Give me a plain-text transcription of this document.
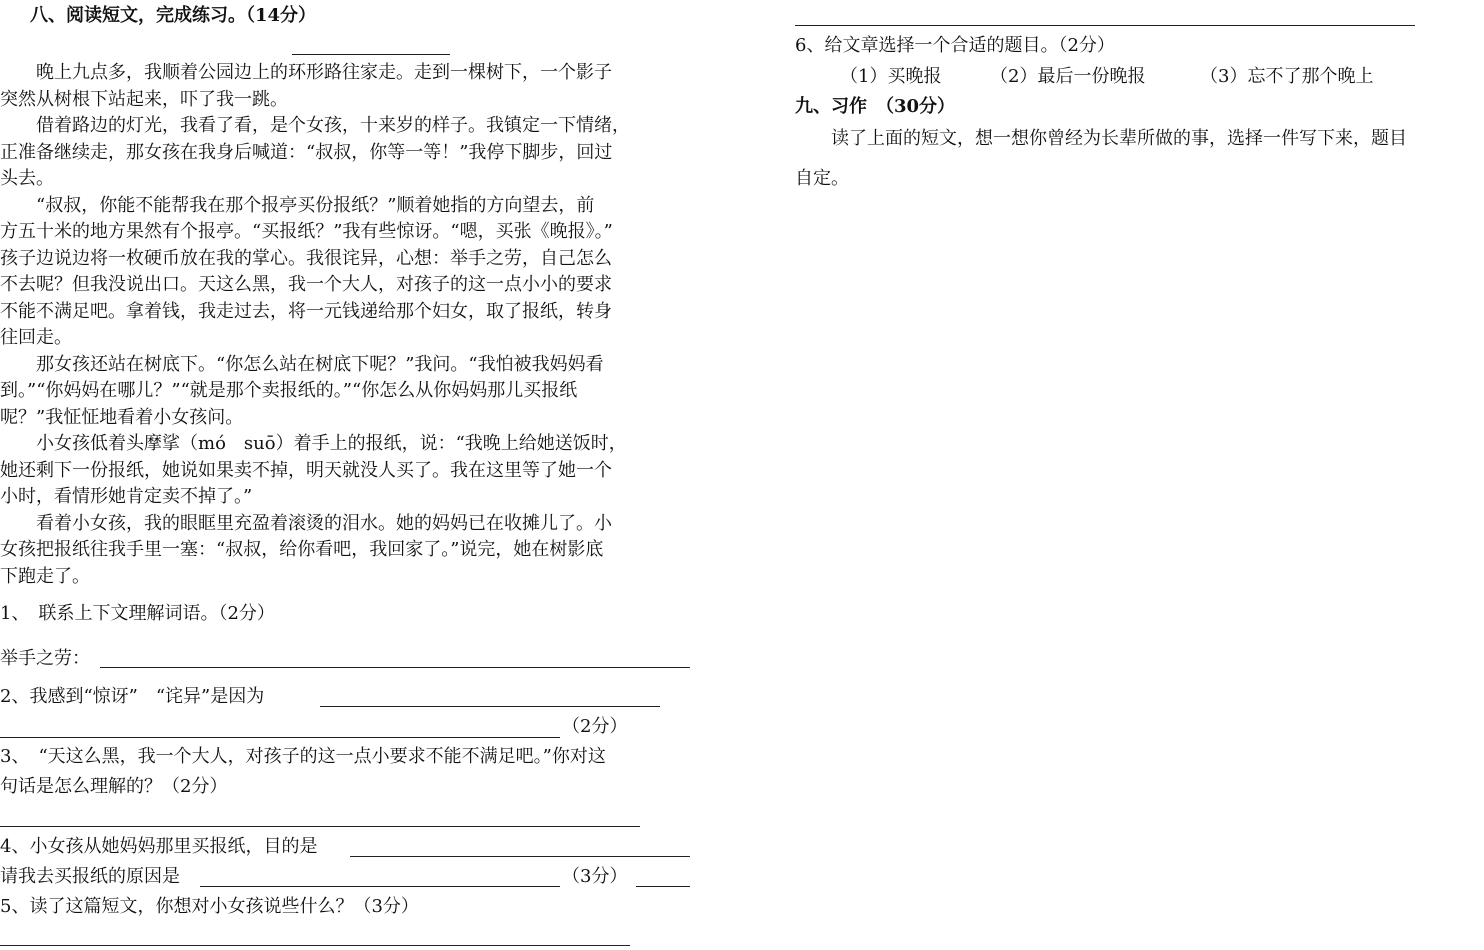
八、阅读短文，完成练习。（14分）
　　晚上九点多，我顺着公园边上的环形路往家走。走到一棵树下，一个影子
突然从树根下站起来，吓了我一跳。
　　借着路边的灯光，我看了看，是个女孩，十来岁的样子。我镇定一下情绪，
正准备继续走，那女孩在我身后喊道：“叔叔，你等一等！”我停下脚步，回过
头去。
　　“叔叔，你能不能帮我在那个报亭买份报纸？”顺着她指的方向望去，前
方五十米的地方果然有个报亭。“买报纸？”我有些惊讶。“嗯，买张《晚报》。”
孩子边说边将一枚硬币放在我的掌心。我很诧异，心想：举手之劳，自己怎么
不去呢？但我没说出口。天这么黑，我一个大人，对孩子的这一点小小的要求
不能不满足吧。拿着钱，我走过去，将一元钱递给那个妇女，取了报纸，转身
往回走。
　　那女孩还站在树底下。“你怎么站在树底下呢？”我问。“我怕被我妈妈看
到。”“你妈妈在哪儿？”“就是那个卖报纸的。”“你怎么从你妈妈那儿买报纸
呢？”我怔怔地看着小女孩问。
　　小女孩低着头摩挲（mó　suō）着手上的报纸，说：“我晚上给她送饭时，
她还剩下一份报纸，她说如果卖不掉，明天就没人买了。我在这里等了她一个
小时，看情形她肯定卖不掉了。”
　　看着小女孩，我的眼眶里充盈着滚烫的泪水。她的妈妈已在收摊儿了。小
女孩把报纸往我手里一塞：“叔叔，给你看吧，我回家了。”说完，她在树影底
下跑走了。
1、　联系上下文理解词语。（2分）
举手之劳：
2、我感到“惊讶”　“诧异”是因为
（2分）
3、　“天这么黑，我一个大人，对孩子的这一点小要求不能不满足吧。”你对这
句话是怎么理解的？（2分）
4、小女孩从她妈妈那里买报纸，目的是
请我去买报纸的原因是	（3分）
5、读了这篇短文，你想对小女孩说些什么？（3分）
6、给文章选择一个合适的题目。（2分）
（1）买晚报	（2）最后一份晚报	（3）忘不了那个晚上
九、习作　（30分）
　　读了上面的短文，想一想你曾经为长辈所做的事，选择一件写下来，题目
自定。
